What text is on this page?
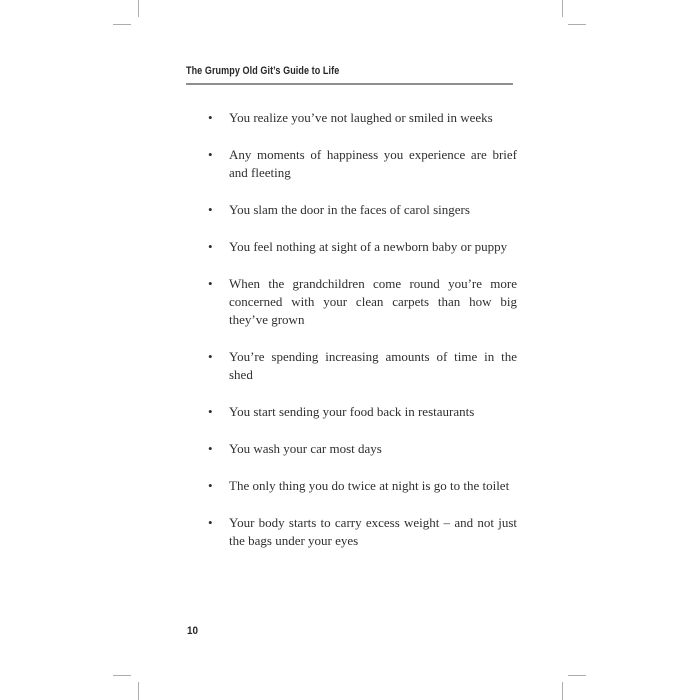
The Grumpy Old Git’s Guide to Life
• You realize you’ve not laughed or smiled in weeks
• Any moments of happiness you experience are brief and fleeting
• You slam the door in the faces of carol singers
• You feel nothing at sight of a newborn baby or puppy
• When the grandchildren come round you’re more concerned with your clean carpets than how big they’ve grown
• You’re spending increasing amounts of time in the shed
• You start sending your food back in restaurants
• You wash your car most days
• The only thing you do twice at night is go to the toilet
• Your body starts to carry excess weight – and not just the bags under your eyes
10
